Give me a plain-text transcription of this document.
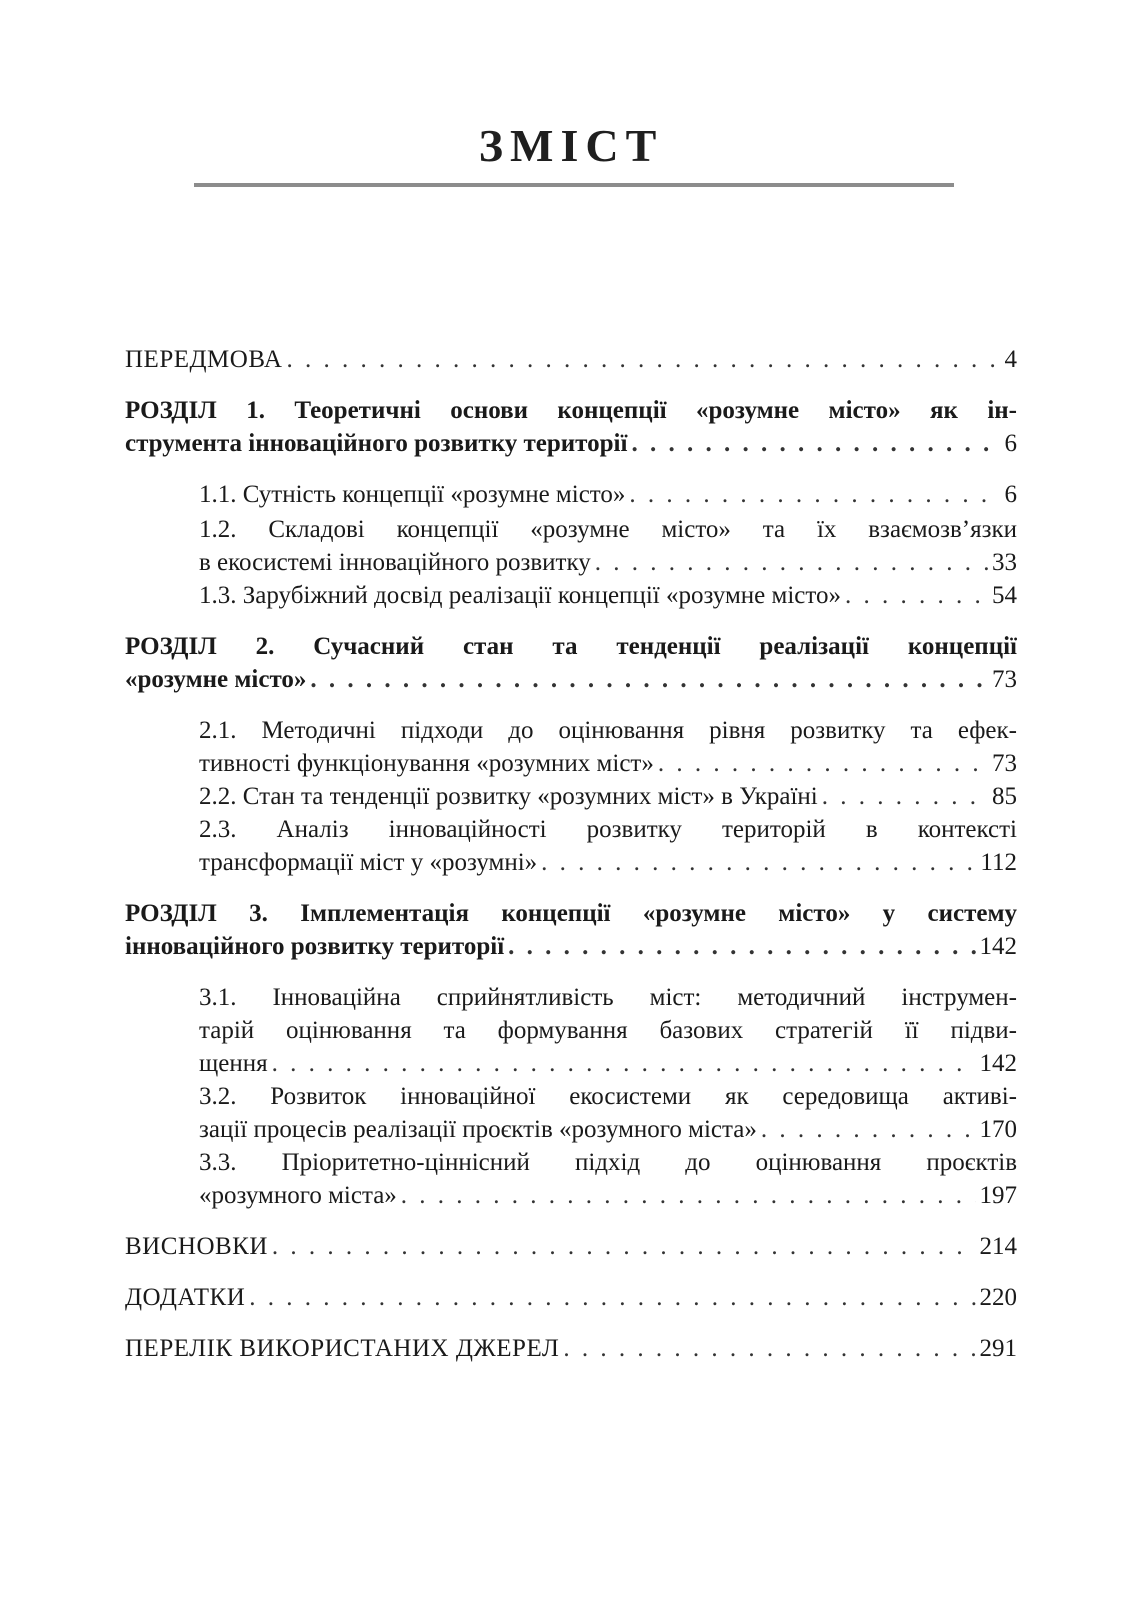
ЗМІСТ
ПЕРЕДМОВА . . .	4
РОЗДІЛ 1. Теоретичні основи концепції «розумне місто» як ін-
струмента інноваційного розвитку території . . .	6
1.1. Сутність концепції «розумне місто» . . .	6
1.2. Складові концепції «розумне місто» та їх взаємозв’язки
в екосистемі інноваційного розвитку . . .	33
1.3. Зарубіжний досвід реалізації концепції «розумне місто» . . .	54
РОЗДІЛ 2. Сучасний стан та тенденції реалізації концепції
«розумне місто» . . .	73
2.1. Методичні підходи до оцінювання рівня розвитку та ефек-
тивності функціонування «розумних міст» . . .	73
2.2. Стан та тенденції розвитку «розумних міст» в Україні . . .	85
2.3. Аналіз інноваційності розвитку територій в контексті
трансформації міст у «розумні» . . .	112
РОЗДІЛ 3. Імплементація концепції «розумне місто» у систему
інноваційного розвитку території . . .	142
3.1. Інноваційна сприйнятливість міст: методичний інструмен-
тарій оцінювання та формування базових стратегій її підви-
щення . . .	142
3.2. Розвиток інноваційної екосистеми як середовища активі-
зації процесів реалізації проєктів «розумного міста» . . .	170
3.3. Пріоритетно-ціннісний підхід до оцінювання проєктів
«розумного міста» . . .	197
ВИСНОВКИ . . .	214
ДОДАТКИ . . .	220
ПЕРЕЛІК ВИКОРИСТАНИХ ДЖЕРЕЛ . . .	291
